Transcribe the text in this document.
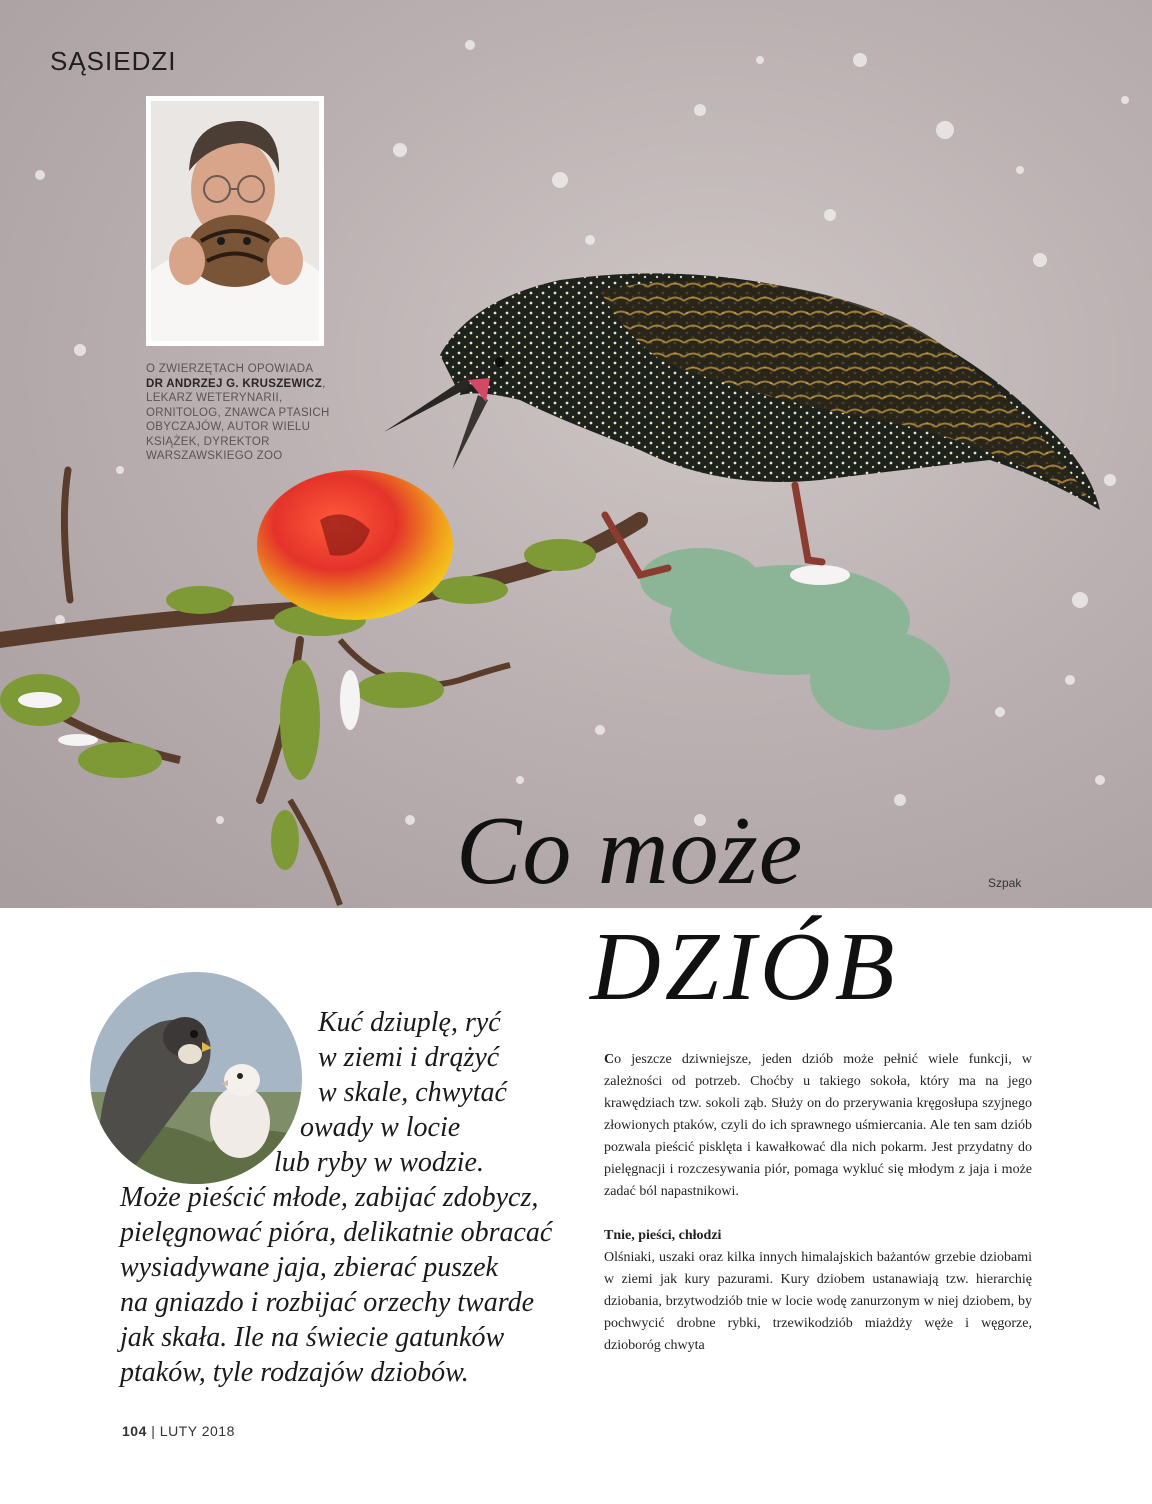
SĄSIEDZI
O ZWIERZĘTACH OPOWIADA
DR ANDRZEJ G. KRUSZEWICZ, LEKARZ WETERYNARII, ORNITOLOG, ZNAWCA PTASICH OBYCZAJÓW, AUTOR WIELU KSIĄŻEK, DYREKTOR WARSZAWSKIEGO ZOO
Szpak
Co może
DZIÓB
Kuć dziuplę, ryć
w ziemi i drążyć
w skale, chwytać
owady w locie
lub ryby w wodzie.
Może pieścić młode, zabijać zdobycz,
pielęgnować pióra, delikatnie obracać
wysiadywane jaja, zbierać puszek
na gniazdo i rozbijać orzechy twarde
jak skała. Ile na świecie gatunków
ptaków, tyle rodzajów dziobów.

Co jeszcze dziwniejsze, jeden dziób może pełnić wiele funkcji, w zależności od potrzeb. Choćby u takiego sokoła, który ma na jego krawędziach tzw. sokoli ząb. Służy on do przerywania kręgosłupa szyjnego złowionych ptaków, czyli do ich sprawnego uśmiercania. Ale ten sam dziób pozwala pieścić pisklęta i kawałkować dla nich pokarm. Jest przydatny do pielęgnacji i rozczesywania piór, pomaga wykluć się młodym z jaja i może zadać ból napastnikowi.

Tnie, pieści, chłodzi

Olśniaki, uszaki oraz kilka innych himalajskich bażantów grzebie dziobami w ziemi jak kury pazurami. Kury dziobem ustanawiają tzw. hierarchię dziobania, brzytwodziób tnie w locie wodę zanurzonym w niej dziobem, by pochwycić drobne rybki, trzewikodziób miażdży węże i węgorze, dzioboróg chwyta

104 | LUTY 2018
